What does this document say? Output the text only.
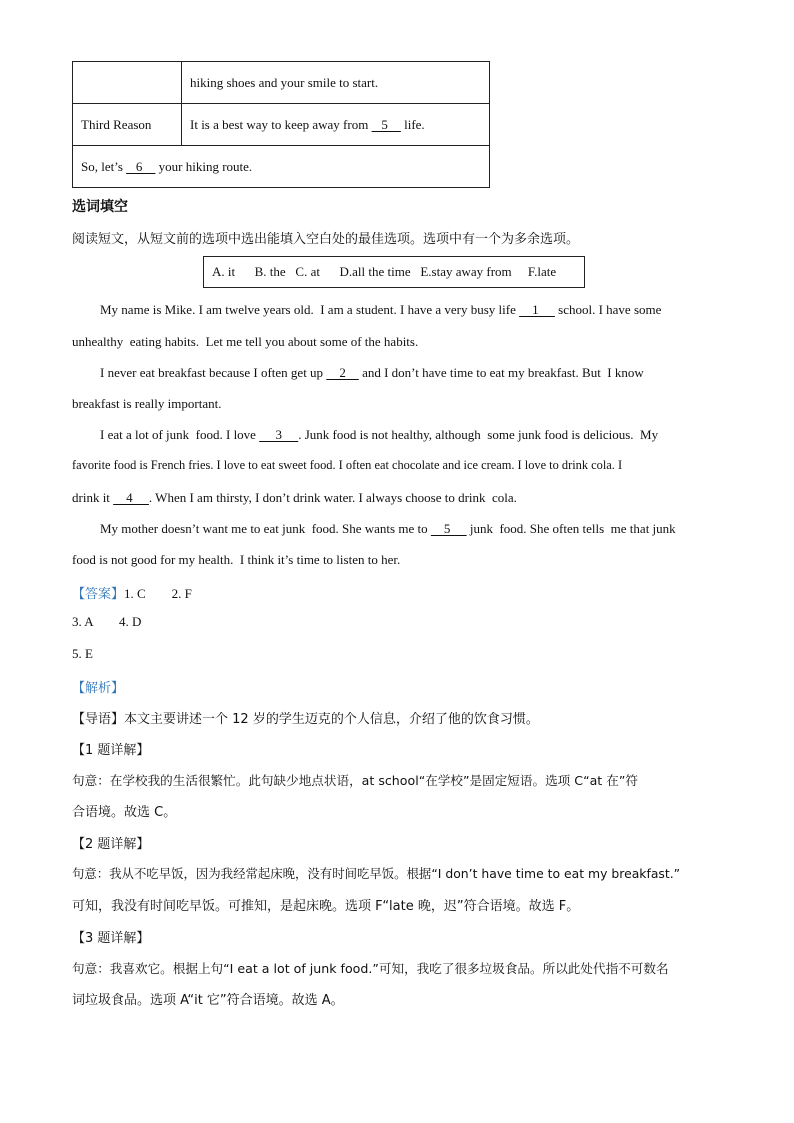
	hiking shoes and your smile to start.
Third Reason	It is a best way to keep away from    5     life.
So, let’s    6     your hiking route.	
选词填空
阅读短文，从短文前的选项中选出能填入空白处的最佳选项。选项中有一个为多余选项。
A. it      B. the   C. at      D.all the time   E.stay away from     F.late
My name is Mike. I am twelve years old.  I am a student. I have a very busy life     1      school. I have some
unhealthy  eating habits.  Let me tell you about some of the habits.
I never eat breakfast because I often get up     2     and I don’t have time to eat my breakfast. But  I know
breakfast is really important.
I eat a lot of junk  food. I love      3     . Junk food is not healthy, although  some junk food is delicious.  My
favorite food is French fries. I love to eat sweet food. I often eat chocolate and ice cream. I love to drink cola. I
drink it     4     . When I am thirsty, I don’t drink water. I always choose to drink  cola.
My mother doesn’t want me to eat junk  food. She wants me to     5      junk  food. She often tells  me that junk
food is not good for my health.  I think it’s time to listen to her.
【答案】1. C        2. F
3. A        4. D
5. E
【解析】
【导语】本文主要讲述一个 12 岁的学生迈克的个人信息，介绍了他的饮食习惯。
【1 题详解】
句意：在学校我的生活很繁忙。此句缺少地点状语，at school“在学校”是固定短语。选项 C“at 在”符
合语境。故选 C。
【2 题详解】
句意：我从不吃早饭，因为我经常起床晚，没有时间吃早饭。根据“I don’t have time to eat my breakfast.”
可知，我没有时间吃早饭。可推知，是起床晚。选项 F“late 晚，迟”符合语境。故选 F。
【3 题详解】
句意：我喜欢它。根据上句“I eat a lot of junk food.”可知，我吃了很多垃圾食品。所以此处代指不可数名
词垃圾食品。选项 A“it 它”符合语境。故选 A。
